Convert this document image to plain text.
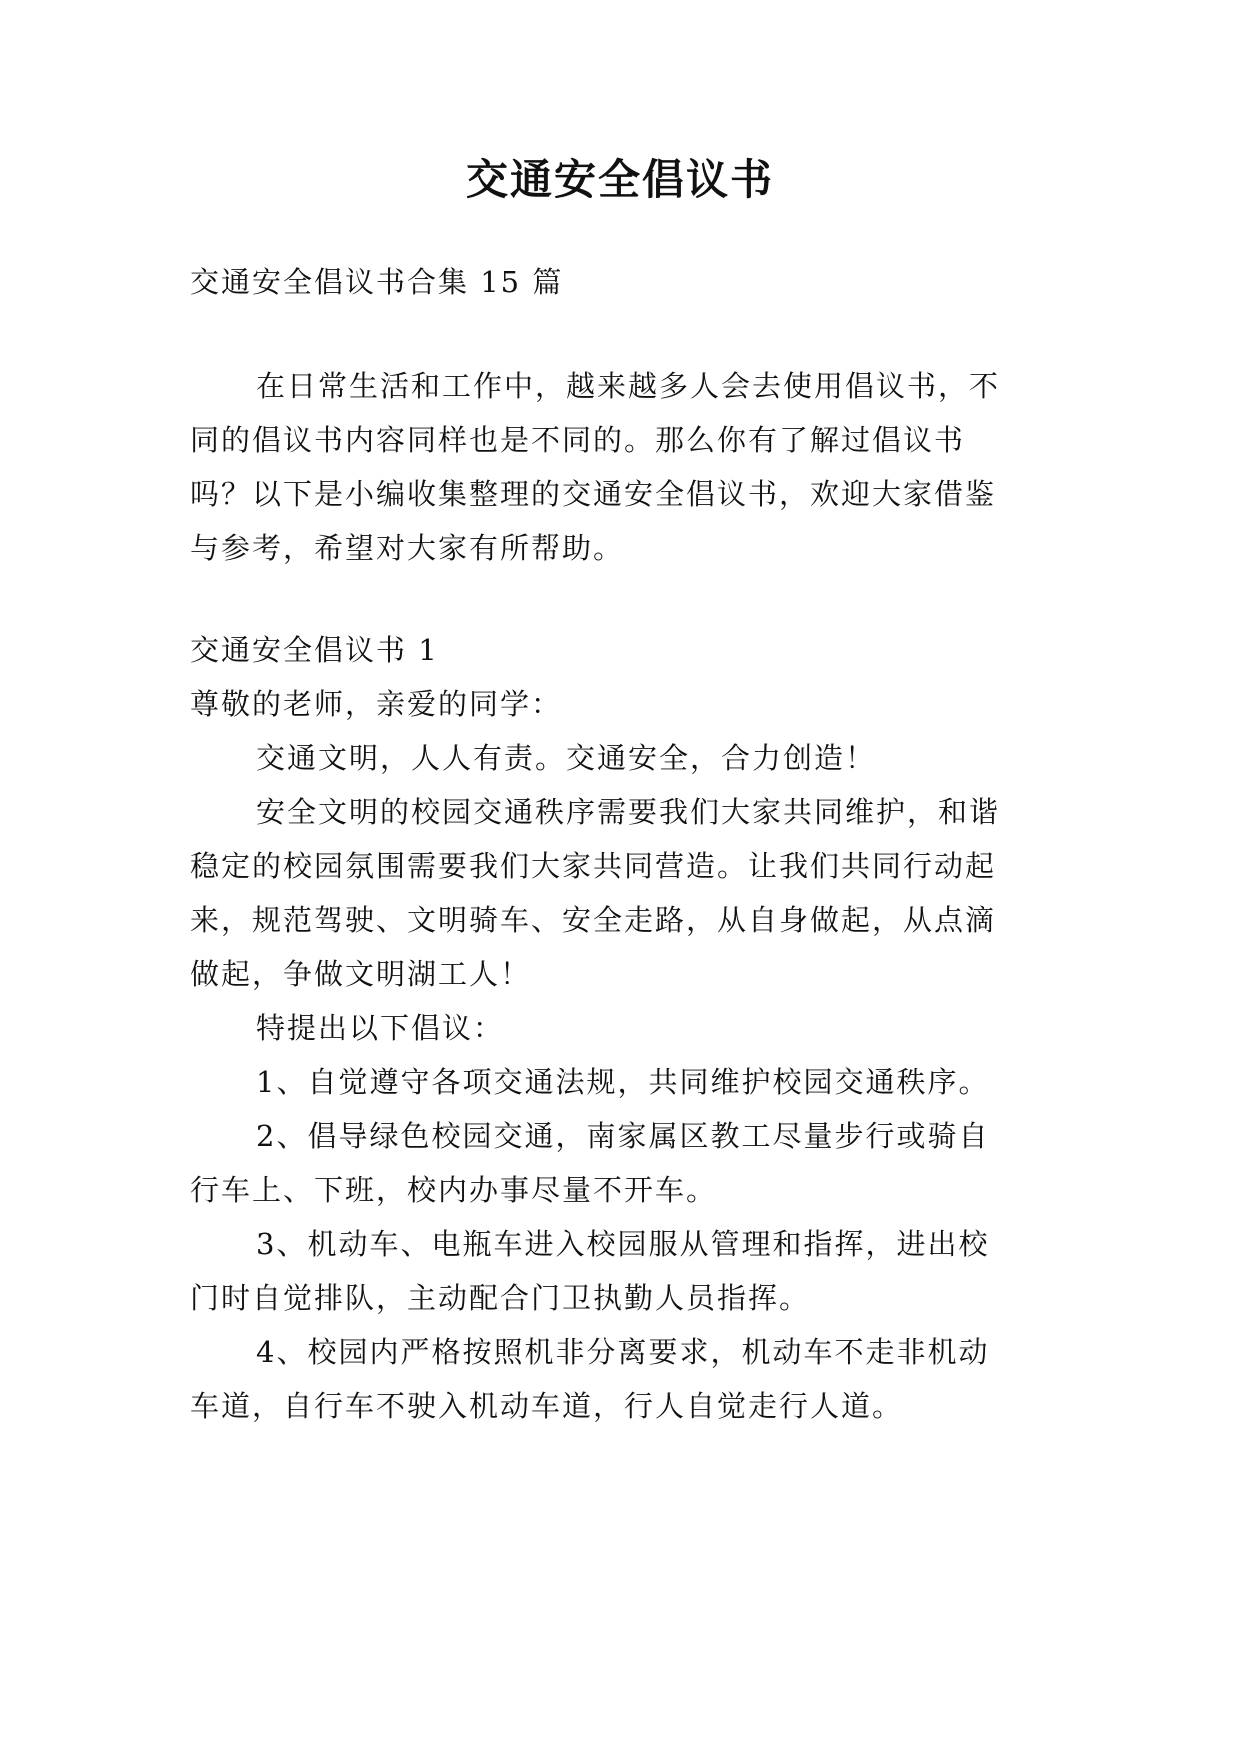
交通安全倡议书

交通安全倡议书合集 15 篇

在日常生活和工作中，越来越多人会去使用倡议书，不

同的倡议书内容同样也是不同的。那么你有了解过倡议书

吗？以下是小编收集整理的交通安全倡议书，欢迎大家借鉴

与参考，希望对大家有所帮助。

交通安全倡议书 1

尊敬的老师，亲爱的同学：

交通文明，人人有责。交通安全，合力创造！

安全文明的校园交通秩序需要我们大家共同维护，和谐

稳定的校园氛围需要我们大家共同营造。让我们共同行动起

来，规范驾驶、文明骑车、安全走路，从自身做起，从点滴

做起，争做文明湖工人！

特提出以下倡议：

1、自觉遵守各项交通法规，共同维护校园交通秩序。

2、倡导绿色校园交通，南家属区教工尽量步行或骑自

行车上、下班，校内办事尽量不开车。

3、机动车、电瓶车进入校园服从管理和指挥，进出校

门时自觉排队，主动配合门卫执勤人员指挥。

4、校园内严格按照机非分离要求，机动车不走非机动

车道，自行车不驶入机动车道，行人自觉走行人道。
